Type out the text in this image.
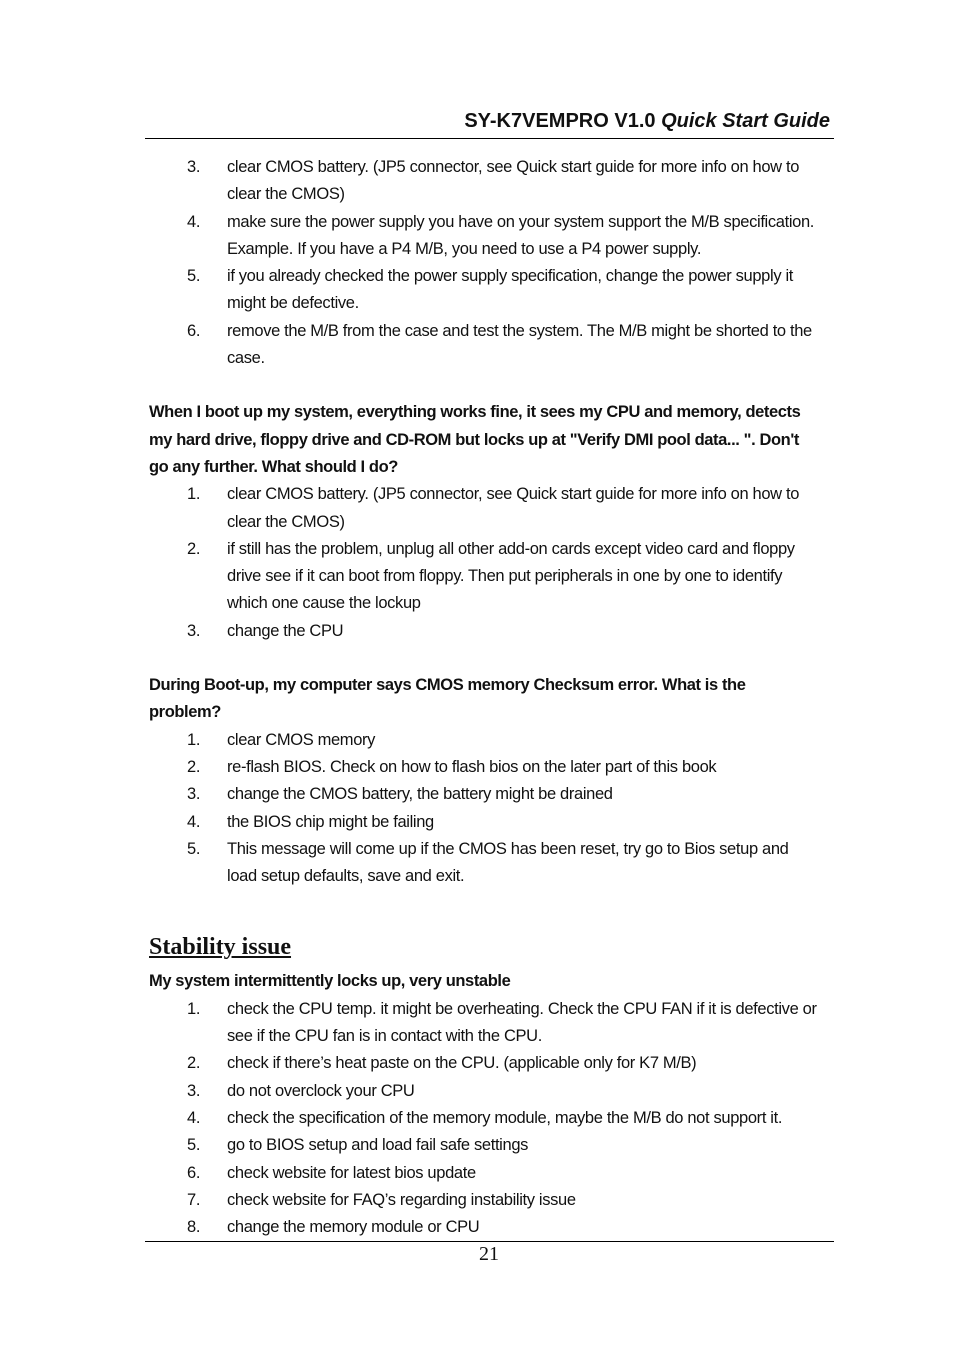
SY-K7VEMPRO V1.0 Quick Start Guide
3. clear CMOS battery. (JP5 connector, see Quick start guide for more info on how to clear the CMOS)
4. make sure the power supply you have on your system support the M/B specification. Example. If you have a P4 M/B, you need to use a P4 power supply.
5. if you already checked the power supply specification, change the power supply it might be defective.
6. remove the M/B from the case and test the system. The M/B might be shorted to the case.

When I boot up my system, everything works fine, it sees my CPU and memory, detects my hard drive, floppy drive and CD-ROM but locks up at "Verify DMI pool data... ". Don't go any further. What should I do?

1. clear CMOS battery. (JP5 connector, see Quick start guide for more info on how to clear the CMOS)
2. if still has the problem, unplug all other add-on cards except video card and floppy drive see if it can boot from floppy. Then put peripherals in one by one to identify which one cause the lockup
3. change the CPU

During Boot-up, my computer says CMOS memory Checksum error. What is the problem?

1. clear CMOS memory
2. re-flash BIOS. Check on how to flash bios on the later part of this book
3. change the CMOS battery, the battery might be drained
4. the BIOS chip might be failing
5. This message will come up if the CMOS has been reset, try go to Bios setup and load setup defaults, save and exit.
Stability issue

My system intermittently locks up, very unstable

1. check the CPU temp. it might be overheating. Check the CPU FAN if it is defective or see if the CPU fan is in contact with the CPU.
2. check if there’s heat paste on the CPU. (applicable only for K7 M/B)
3. do not overclock your CPU
4. check the specification of the memory module, maybe the M/B do not support it.
5. go to BIOS setup and load fail safe settings
6. check website for latest bios update
7. check website for FAQ’s regarding instability issue
8. change the memory module or CPU
21
